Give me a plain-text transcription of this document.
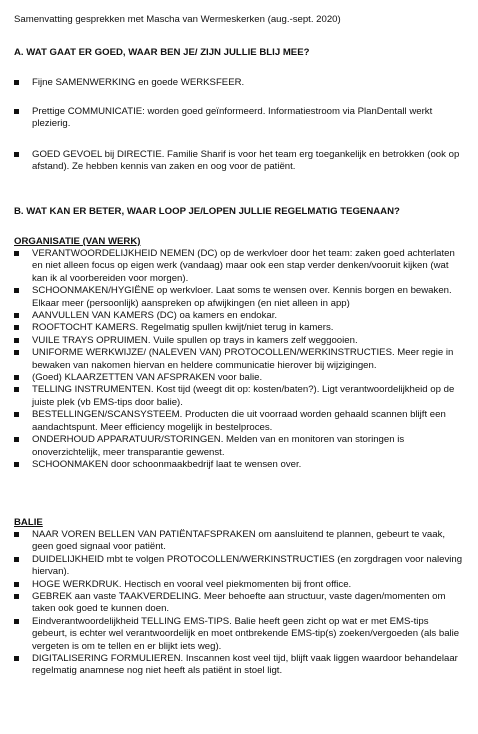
Samenvatting gesprekken met Mascha van Wermeskerken (aug.-sept. 2020)
A. WAT GAAT ER GOED, WAAR BEN JE/ ZIJN JULLIE BLIJ MEE?
Fijne SAMENWERKING en goede WERKSFEER.
Prettige COMMUNICATIE: worden goed geïnformeerd. Informatiestroom via PlanDentall werkt plezierig.
GOED GEVOEL bij DIRECTIE. Familie Sharif is voor het team erg toegankelijk en betrokken (ook op afstand). Ze hebben kennis van zaken en oog voor de patiënt.
B. WAT KAN ER BETER, WAAR LOOP JE/LOPEN JULLIE REGELMATIG TEGENAAN?
ORGANISATIE (VAN WERK)
VERANTWOORDELIJKHEID NEMEN (DC) op de werkvloer door het team: zaken goed achterlaten en niet alleen focus op eigen werk (vandaag) maar ook een stap verder denken/vooruit kijken (wat kan ik al voorbereiden voor morgen).
SCHOONMAKEN/HYGIËNE op werkvloer. Laat soms te wensen over. Kennis borgen en bewaken. Elkaar meer (persoonlijk) aanspreken op afwijkingen (en niet alleen in app)
AANVULLEN VAN KAMERS (DC) oa kamers en endokar.
ROOFTOCHT KAMERS. Regelmatig spullen kwijt/niet terug in kamers.
VUILE TRAYS OPRUIMEN. Vuile spullen op trays in kamers zelf weggooien.
UNIFORME WERKWIJZE/ (NALEVEN VAN) PROTOCOLLEN/WERKINSTRUCTIES. Meer regie in bewaken van nakomen hiervan en heldere communicatie hierover bij wijzigingen.
(Goed) KLAARZETTEN VAN AFSPRAKEN voor balie.
TELLING INSTRUMENTEN. Kost tijd (weegt dit op: kosten/baten?). Ligt verantwoordelijkheid op de juiste plek (vb EMS-tips door balie).
BESTELLINGEN/SCANSYSTEEM. Producten die uit voorraad worden gehaald scannen blijft een aandachtspunt. Meer efficiency mogelijk in bestelproces.
ONDERHOUD APPARATUUR/STORINGEN. Melden van en monitoren van storingen is onoverzichtelijk, meer transparantie gewenst.
SCHOONMAKEN door schoonmaakbedrijf laat te wensen over.
BALIE
NAAR VOREN BELLEN VAN PATIËNTAFSPRAKEN om aansluitend te plannen, gebeurt te vaak, geen goed signaal voor patiënt.
DUIDELIJKHEID mbt te volgen PROTOCOLLEN/WERKINSTRUCTIES (en zorgdragen voor naleving hiervan).
HOGE WERKDRUK. Hectisch en vooral veel piekmomenten bij front office.
GEBREK aan vaste TAAKVERDELING. Meer behoefte aan structuur, vaste dagen/momenten om taken ook goed te kunnen doen.
Eindverantwoordelijkheid TELLING EMS-TIPS. Balie heeft geen zicht op wat er met EMS-tips gebeurt, is echter wel verantwoordelijk en moet ontbrekende EMS-tip(s) zoeken/vergoeden (als balie vergeten is om te tellen en er blijkt iets weg).
DIGITALISERING FORMULIEREN. Inscannen kost veel tijd, blijft vaak liggen waardoor behandelaar regelmatig anamnese nog niet heeft als patiënt in stoel ligt.
